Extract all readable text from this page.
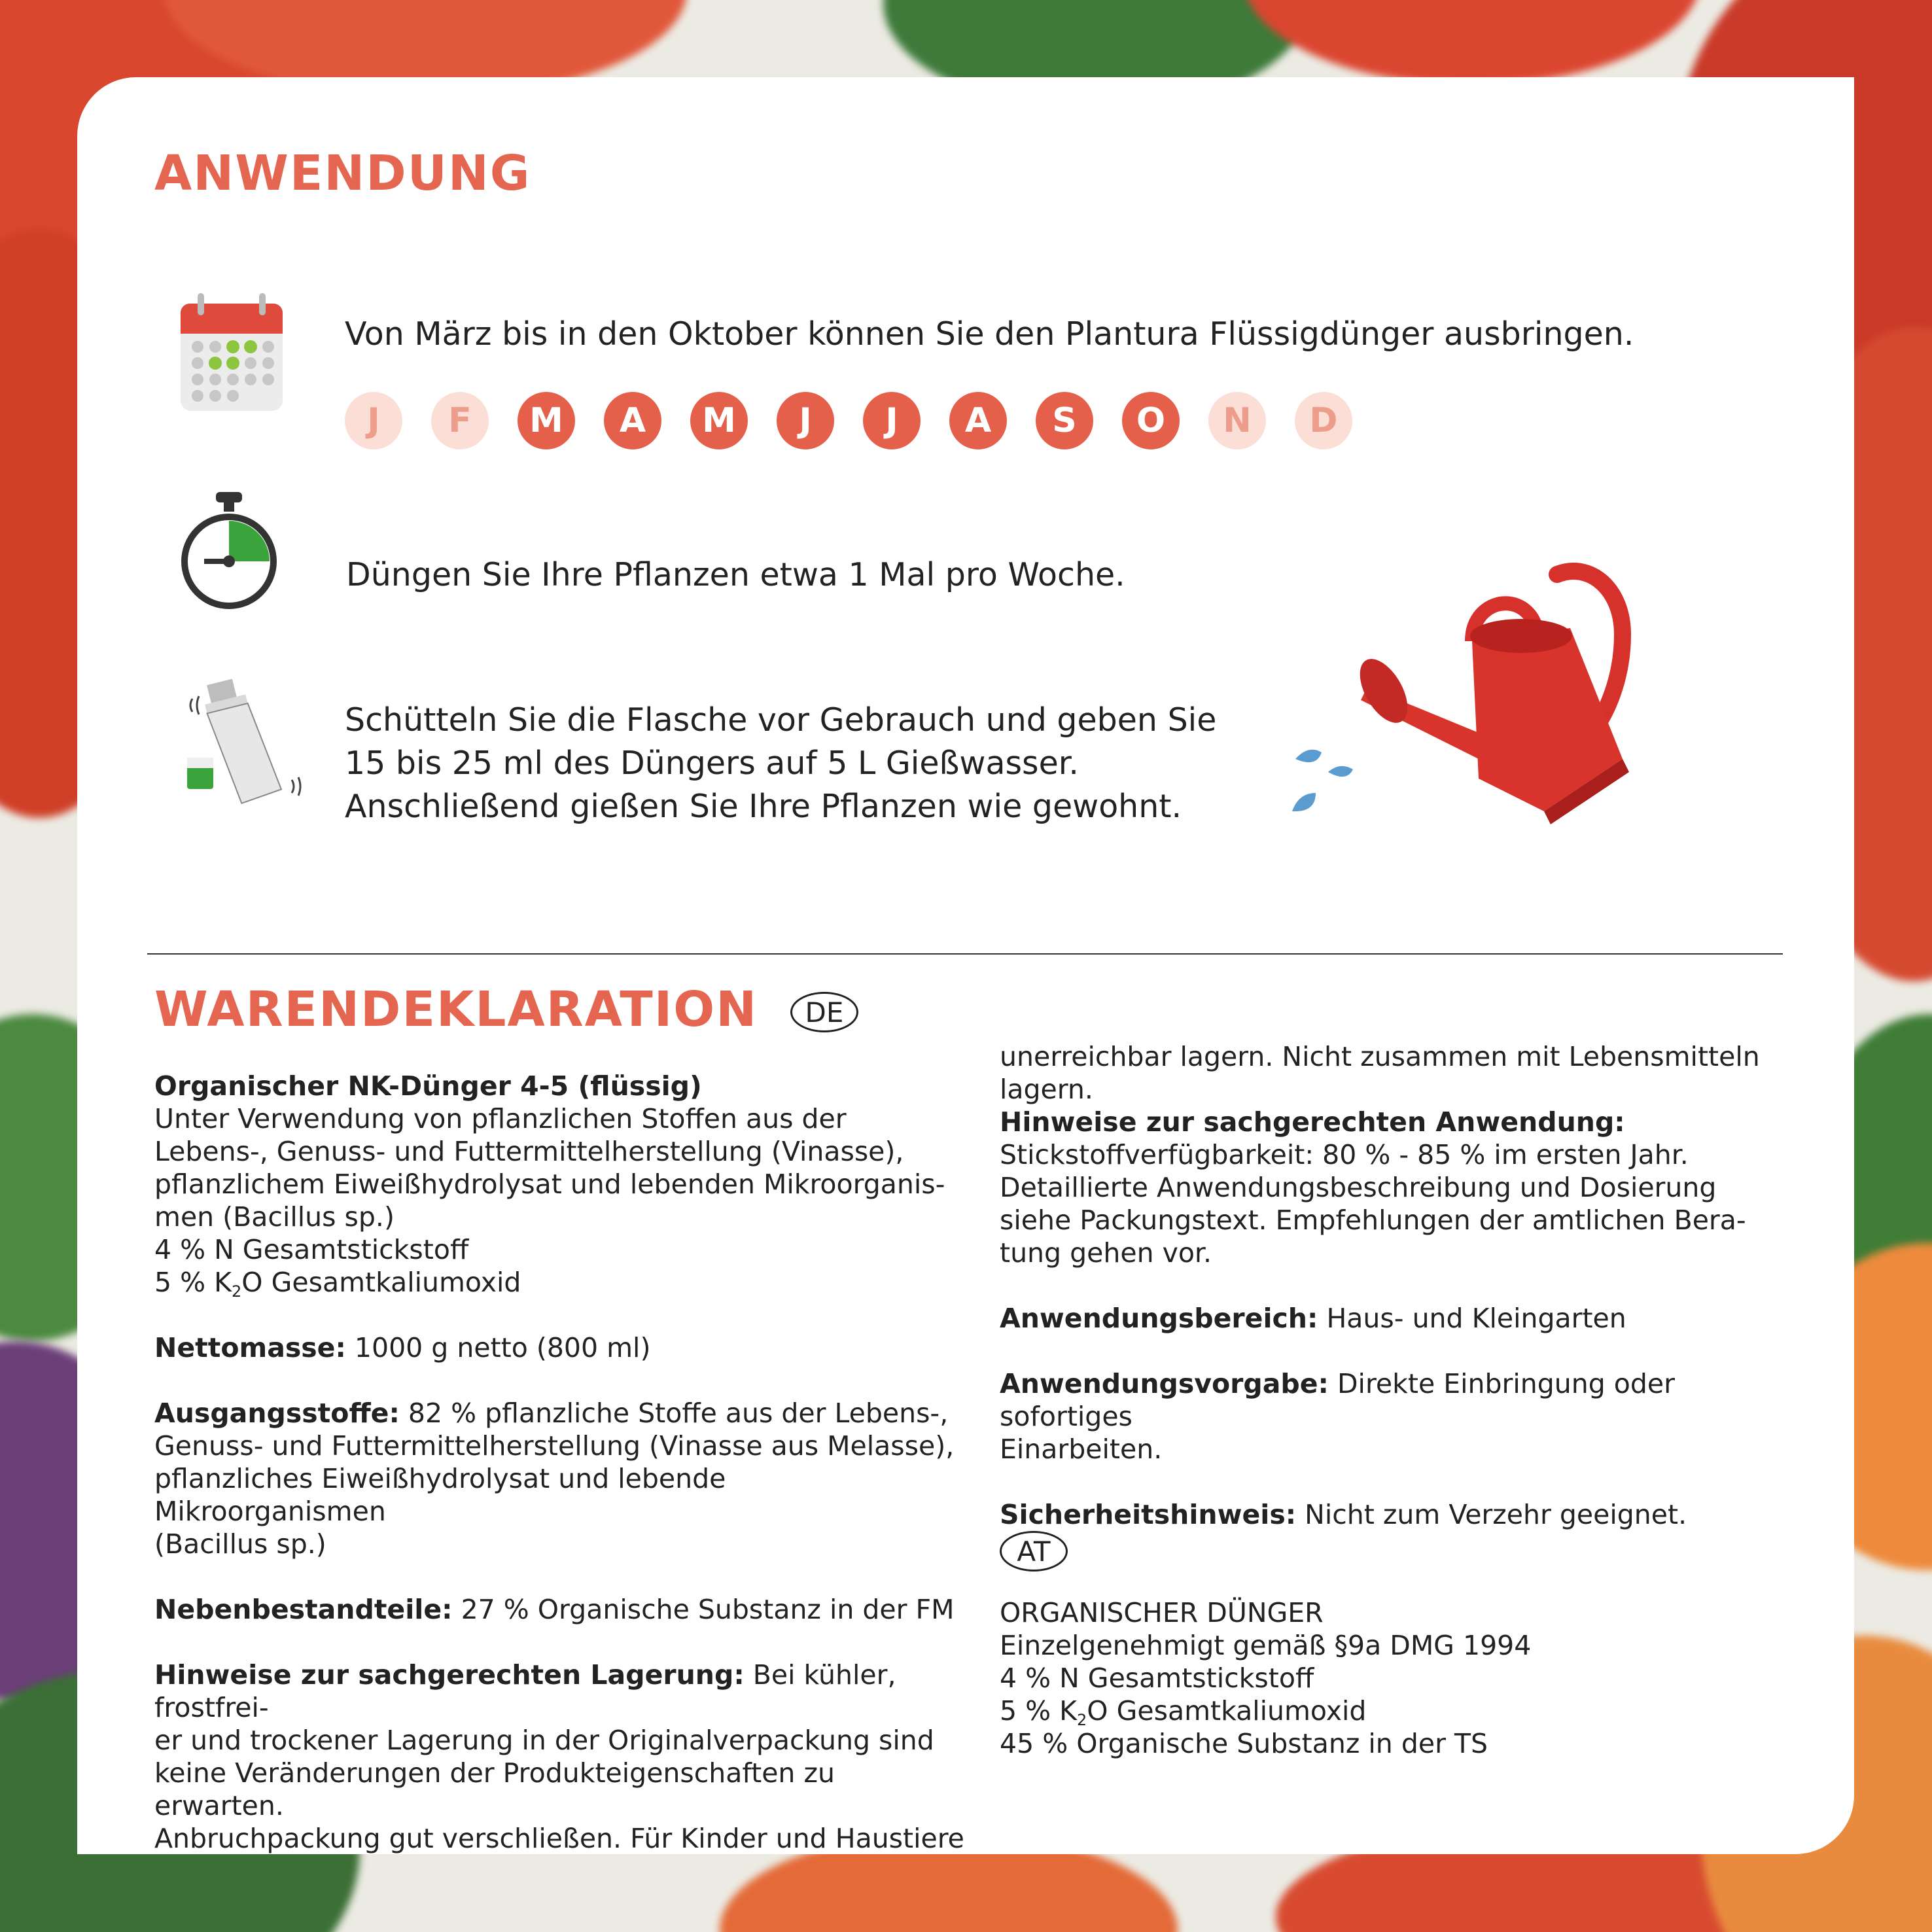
ANWENDUNG
Von März bis in den Oktober können Sie den Plantura Flüssigdünger ausbringen.
J	F	M	A	M	J	J	A	S	O	N	D
Düngen Sie Ihre Pflanzen etwa 1 Mal pro Woche.
Schütteln Sie die Flasche vor Gebrauch und geben Sie
15 bis 25 ml des Düngers auf 5 L Gießwasser.
Anschließend gießen Sie Ihre Pflanzen wie gewohnt.
WARENDEKLARATION	DE

Organischer NK-Dünger 4-5 (flüssig)

Unter Verwendung von pflanzlichen Stoffen aus der

Lebens-, Genuss- und Futtermittelherstellung (Vinasse),

pflanzlichem Eiweißhydrolysat und lebenden Mikroorganis-

men (Bacillus sp.)

4 % N Gesamtstickstoff

5 % $K_2O$ Gesamtkaliumoxid

Nettomasse: 1000 g netto (800 ml)

Ausgangsstoffe: 82 % pflanzliche Stoffe aus der Lebens-,

Genuss- und Futtermittelherstellung (Vinasse aus Melasse),

pflanzliches Eiweißhydrolysat und lebende Mikroorganismen

(Bacillus sp.)

Nebenbestandteile: 27 % Organische Substanz in der FM

Hinweise zur sachgerechten Lagerung: Bei kühler, frostfrei-

er und trockener Lagerung in der Originalverpackung sind

keine Veränderungen der Produkteigenschaften zu erwarten.

Anbruchpackung gut verschließen. Für Kinder und Haustiere

unerreichbar lagern. Nicht zusammen mit Lebensmitteln

lagern.

Hinweise zur sachgerechten Anwendung:

Stickstoffverfügbarkeit: 80 % - 85 % im ersten Jahr.

Detaillierte Anwendungsbeschreibung und Dosierung

siehe Packungstext. Empfehlungen der amtlichen Bera-

tung gehen vor.

Anwendungsbereich: Haus- und Kleingarten

Anwendungsvorgabe: Direkte Einbringung oder sofortiges

Einarbeiten.

Sicherheitshinweis: Nicht zum Verzehr geeignet.

AT

ORGANISCHER DÜNGER

Einzelgenehmigt gemäß §9a DMG 1994

4 % N Gesamtstickstoff

5 % $K_2O$ Gesamtkaliumoxid

45 % Organische Substanz in der TS
